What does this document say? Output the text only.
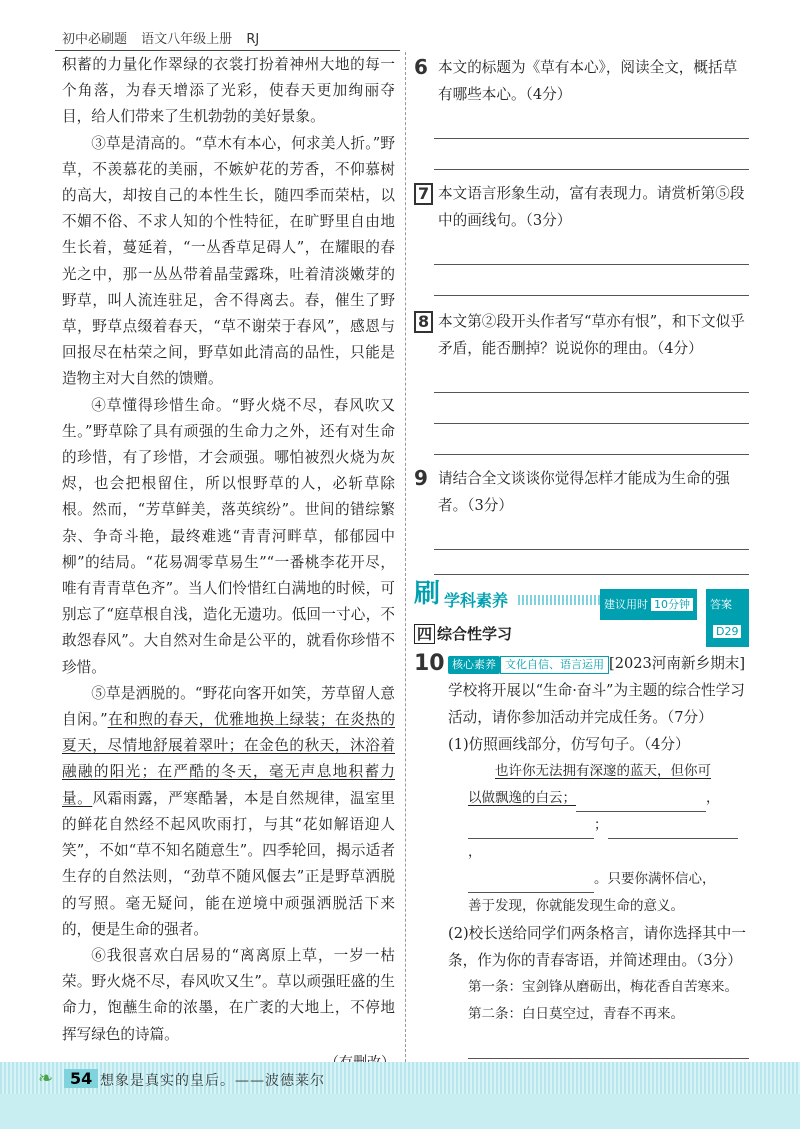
初中必刷题 语文八年级上册 RJ

积蓄的力量化作翠绿的衣裳打扮着神州大地的每一个角落，为春天增添了光彩，使春天更加绚丽夺目，给人们带来了生机勃勃的美好景象。

③草是清高的。“草木有本心，何求美人折。”野草，不羡慕花的美丽，不嫉妒花的芳香，不仰慕树的高大，却按自己的本性生长，随四季而荣枯，以不媚不俗、不求人知的个性特征，在旷野里自由地生长着，蔓延着，“一丛香草足碍人”，在耀眼的春光之中，那一丛丛带着晶莹露珠，吐着清淡嫩芽的野草，叫人流连驻足，舍不得离去。春，催生了野草，野草点缀着春天，“草不谢荣于春风”，感恩与回报尽在枯荣之间，野草如此清高的品性，只能是造物主对大自然的馈赠。

④草懂得珍惜生命。“野火烧不尽，春风吹又生。”野草除了具有顽强的生命力之外，还有对生命的珍惜，有了珍惜，才会顽强。哪怕被烈火烧为灰烬，也会把根留住，所以恨野草的人，必斩草除根。然而，“芳草鲜美，落英缤纷”。世间的错综繁杂、争奇斗艳，最终难逃“青青河畔草，郁郁园中柳”的结局。“花易凋零草易生”“一番桃李花开尽，唯有青青草色齐”。当人们怜惜红白满地的时候，可别忘了“庭草根自浅，造化无遗功。低回一寸心，不敢怨春风”。大自然对生命是公平的，就看你珍惜不珍惜。

⑤草是洒脱的。“野花向客开如笑，芳草留人意自闲。”在和煦的春天，优雅地换上绿装；在炎热的夏天，尽情地舒展着翠叶；在金色的秋天，沐浴着融融的阳光；在严酷的冬天，毫无声息地积蓄力量。风霜雨露，严寒酷暑，本是自然规律，温室里的鲜花自然经不起风吹雨打，与其“花如解语迎人笑”，不如“草不知名随意生”。四季轮回，揭示适者生存的自然法则，“劲草不随风偃去”正是野草洒脱的写照。毫无疑问，能在逆境中顽强洒脱活下来的，便是生命的强者。

⑥我很喜欢白居易的“离离原上草，一岁一枯荣。野火烧不尽，春风吹又生”。草以顽强旺盛的生命力，饱蘸生命的浓墨，在广袤的大地上，不停地挥写绿色的诗篇。

6 本文的标题为《草有本心》，阅读全文，概括草有哪些本心。（4分）

7 本文语言形象生动，富有表现力。请赏析第⑤段中的画线句。（3分）

8 本文第②段开头作者写“草亦有恨”，和下文似乎矛盾，能否删掉？说说你的理由。（4分）

9 请结合全文谈谈你觉得怎样才能成为生命的强者。（3分）

刷 学科素养	建议用时 10分钟	答案D29
四 综合性学习

10 核心素养 文化自信、语言运用 [2023河南新乡期末]

学校将开展以“生命·奋斗”为主题的综合性学习活动，请你参加活动并完成任务。（7分）

(1)仿照画线部分，仿写句子。（4分）

也许你无法拥有深邃的蓝天，但你可

以做飘逸的白云；	，

；，

。只要你满怀信心，

善于发现，你就能发现生命的意义。

(2)校长送给同学们两条格言，请你选择其中一条，作为你的青春寄语，并简述理由。（3分）

第一条：宝剑锋从磨砺出，梅花香自苦寒来。

第二条：白日莫空过，青春不再来。

❧	54 想象是真实的皇后。——波德莱尔
